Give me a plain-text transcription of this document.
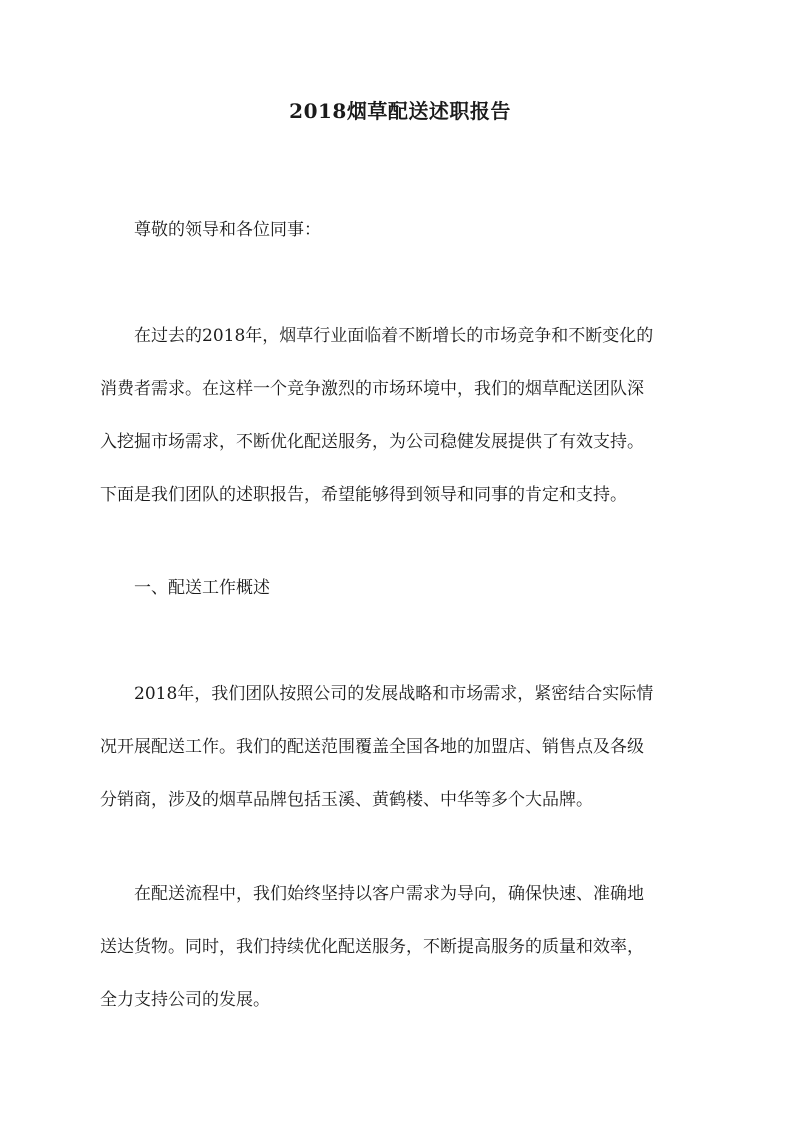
2018烟草配送述职报告

尊敬的领导和各位同事：

在过去的2018年，烟草行业面临着不断增长的市场竞争和不断变化的
消费者需求。在这样一个竞争激烈的市场环境中，我们的烟草配送团队深
入挖掘市场需求，不断优化配送服务，为公司稳健发展提供了有效支持。
下面是我们团队的述职报告，希望能够得到领导和同事的肯定和支持。

一、配送工作概述

2018年，我们团队按照公司的发展战略和市场需求，紧密结合实际情
况开展配送工作。我们的配送范围覆盖全国各地的加盟店、销售点及各级
分销商，涉及的烟草品牌包括玉溪、黄鹤楼、中华等多个大品牌。

在配送流程中，我们始终坚持以客户需求为导向，确保快速、准确地
送达货物。同时，我们持续优化配送服务，不断提高服务的质量和效率，
全力支持公司的发展。
